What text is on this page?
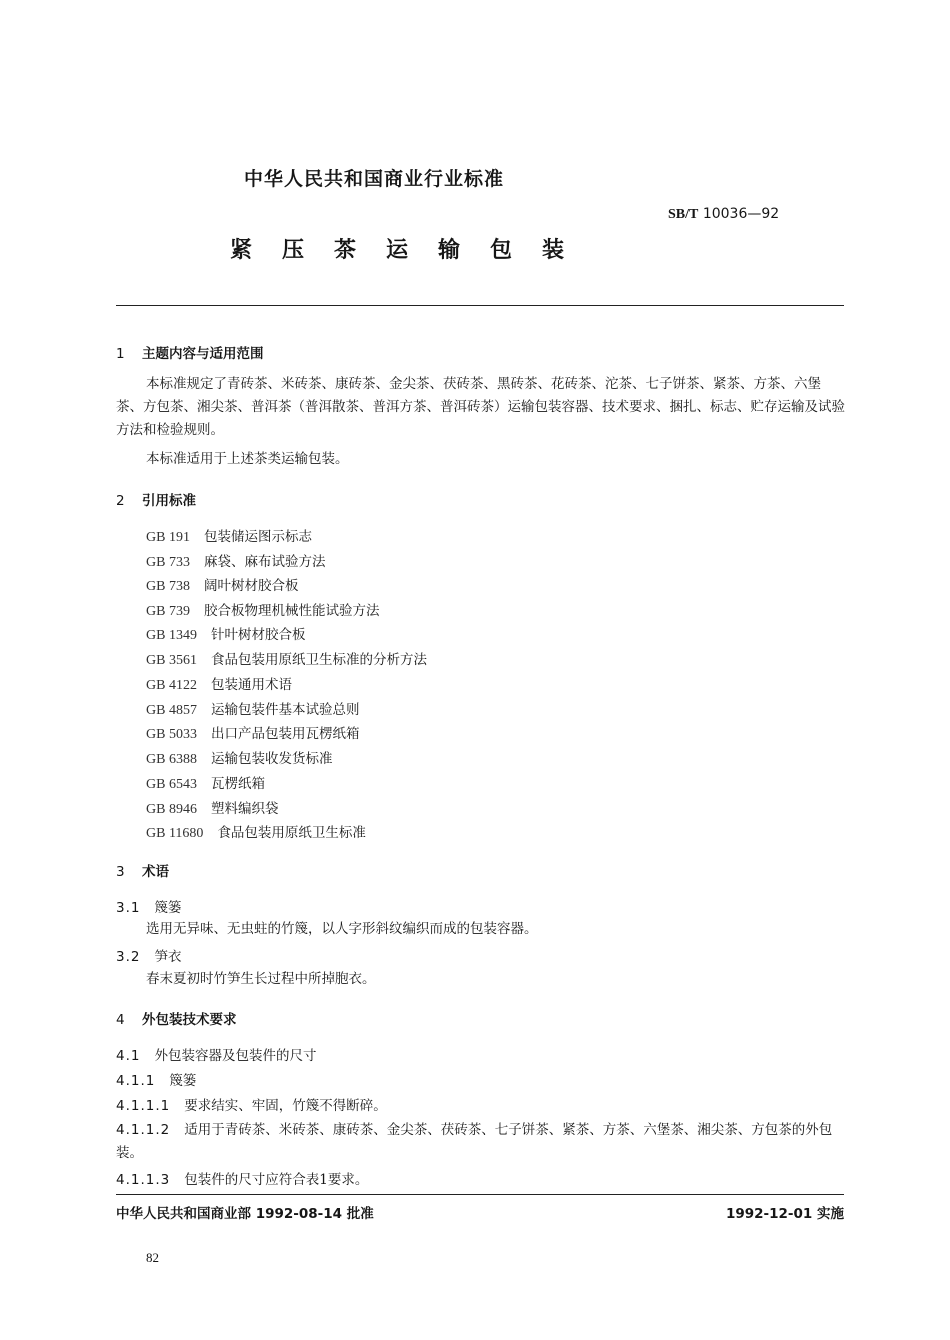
中华人民共和国商业行业标准
SB/T 10036—92
紧压茶运输包装
1 主题内容与适用范围
本标准规定了青砖茶、米砖茶、康砖茶、金尖茶、茯砖茶、黑砖茶、花砖茶、沱茶、七子饼茶、紧茶、方茶、六堡茶、方包茶、湘尖茶、普洱茶（普洱散茶、普洱方茶、普洱砖茶）运输包装容器、技术要求、捆扎、标志、贮存运输及试验方法和检验规则。
本标准适用于上述茶类运输包装。
2 引用标准
GB 191 包装储运图示标志
GB 733 麻袋、麻布试验方法
GB 738 阔叶树材胶合板
GB 739 胶合板物理机械性能试验方法
GB 1349 针叶树材胶合板
GB 3561 食品包装用原纸卫生标准的分析方法
GB 4122 包装通用术语
GB 4857 运输包装件基本试验总则
GB 5033 出口产品包装用瓦楞纸箱
GB 6388 运输包装收发货标准
GB 6543 瓦楞纸箱
GB 8946 塑料编织袋
GB 11680 食品包装用原纸卫生标准
3 术语
3.1 篾篓
选用无异味、无虫蛀的竹篾，以人字形斜纹编织而成的包装容器。
3.2 笋衣
春末夏初时竹笋生长过程中所掉胞衣。
4 外包装技术要求
4.1 外包装容器及包装件的尺寸
4.1.1 篾篓
4.1.1.1 要求结实、牢固，竹篾不得断碎。
4.1.1.2 适用于青砖茶、米砖茶、康砖茶、金尖茶、茯砖茶、七子饼茶、紧茶、方茶、六堡茶、湘尖茶、方包茶的外包装。
4.1.1.3 包装件的尺寸应符合表1要求。
中华人民共和国商业部 1992-08-14 批准	1992-12-01 实施
82
